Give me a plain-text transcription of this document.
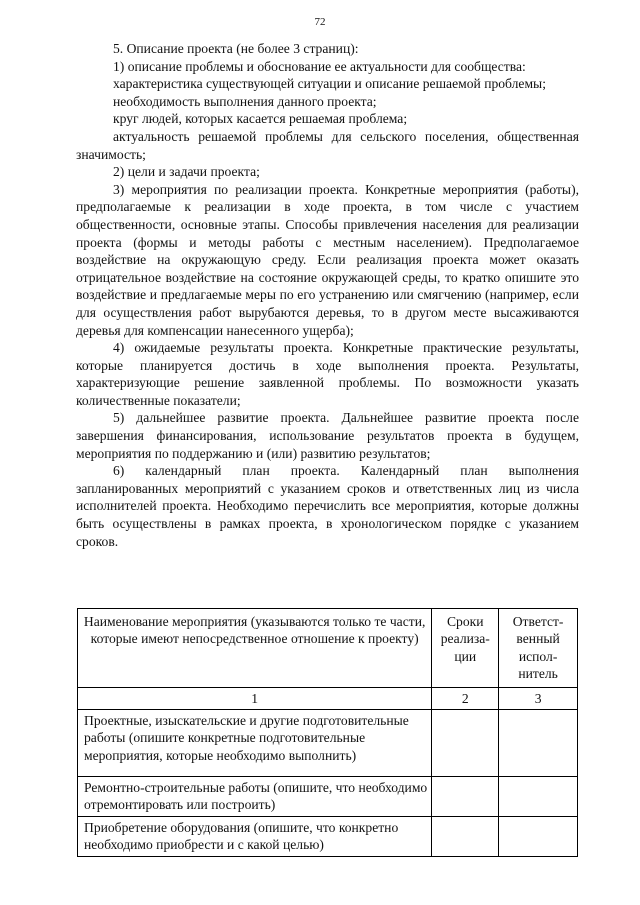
72

5. Описание проекта (не более 3 страниц):

1) описание проблемы и обоснование ее актуальности для сообщества:

характеристика существующей ситуации и описание решаемой проблемы;

необходимость выполнения данного проекта;

круг людей, которых касается решаемая проблема;

актуальность решаемой проблемы для сельского поселения, общественная значимость;

2) цели и задачи проекта;

3) мероприятия по реализации проекта. Конкретные мероприятия (работы), предполагаемые к реализации в ходе проекта, в том числе с участием общественности, основные этапы. Способы привлечения населения для реализации проекта (формы и методы работы с местным населением). Предполагаемое воздействие на окружающую среду. Если реализация проекта может оказать отрицательное воздействие на состояние окружающей среды, то кратко опишите это воздействие и предлагаемые меры по его устранению или смягчению (например, если для осуществления работ вырубаются деревья, то в другом месте высаживаются деревья для компенсации нанесенного ущерба);

4) ожидаемые результаты проекта. Конкретные практические результаты, которые планируется достичь в ходе выполнения проекта. Результаты, характеризующие решение заявленной проблемы. По возможности указать количественные показатели;

5) дальнейшее развитие проекта. Дальнейшее развитие проекта после завершения финансирования, использование результатов проекта в будущем, мероприятия по поддержанию и (или) развитию результатов;

6) календарный план проекта. Календарный план выполнения запланированных мероприятий с указанием сроков и ответственных лиц из числа исполнителей проекта. Необходимо перечислить все мероприятия, которые должны быть осуществлены в рамках проекта, в хронологическом порядке с указанием сроков.

Наименование мероприятия (указываются только те части, которые имеют непосредственное отношение к проекту)	Сроки реализа-ции	Ответст-венный испол-нитель
1	2	3
Проектные, изыскательские и другие подготовительные работы (опишите конкретные подготовительные мероприятия, которые необходимо выполнить)		
Ремонтно-строительные работы (опишите, что необходимо отремонтировать или построить)		
Приобретение оборудования (опишите, что конкретно необходимо приобрести и с какой целью)		
